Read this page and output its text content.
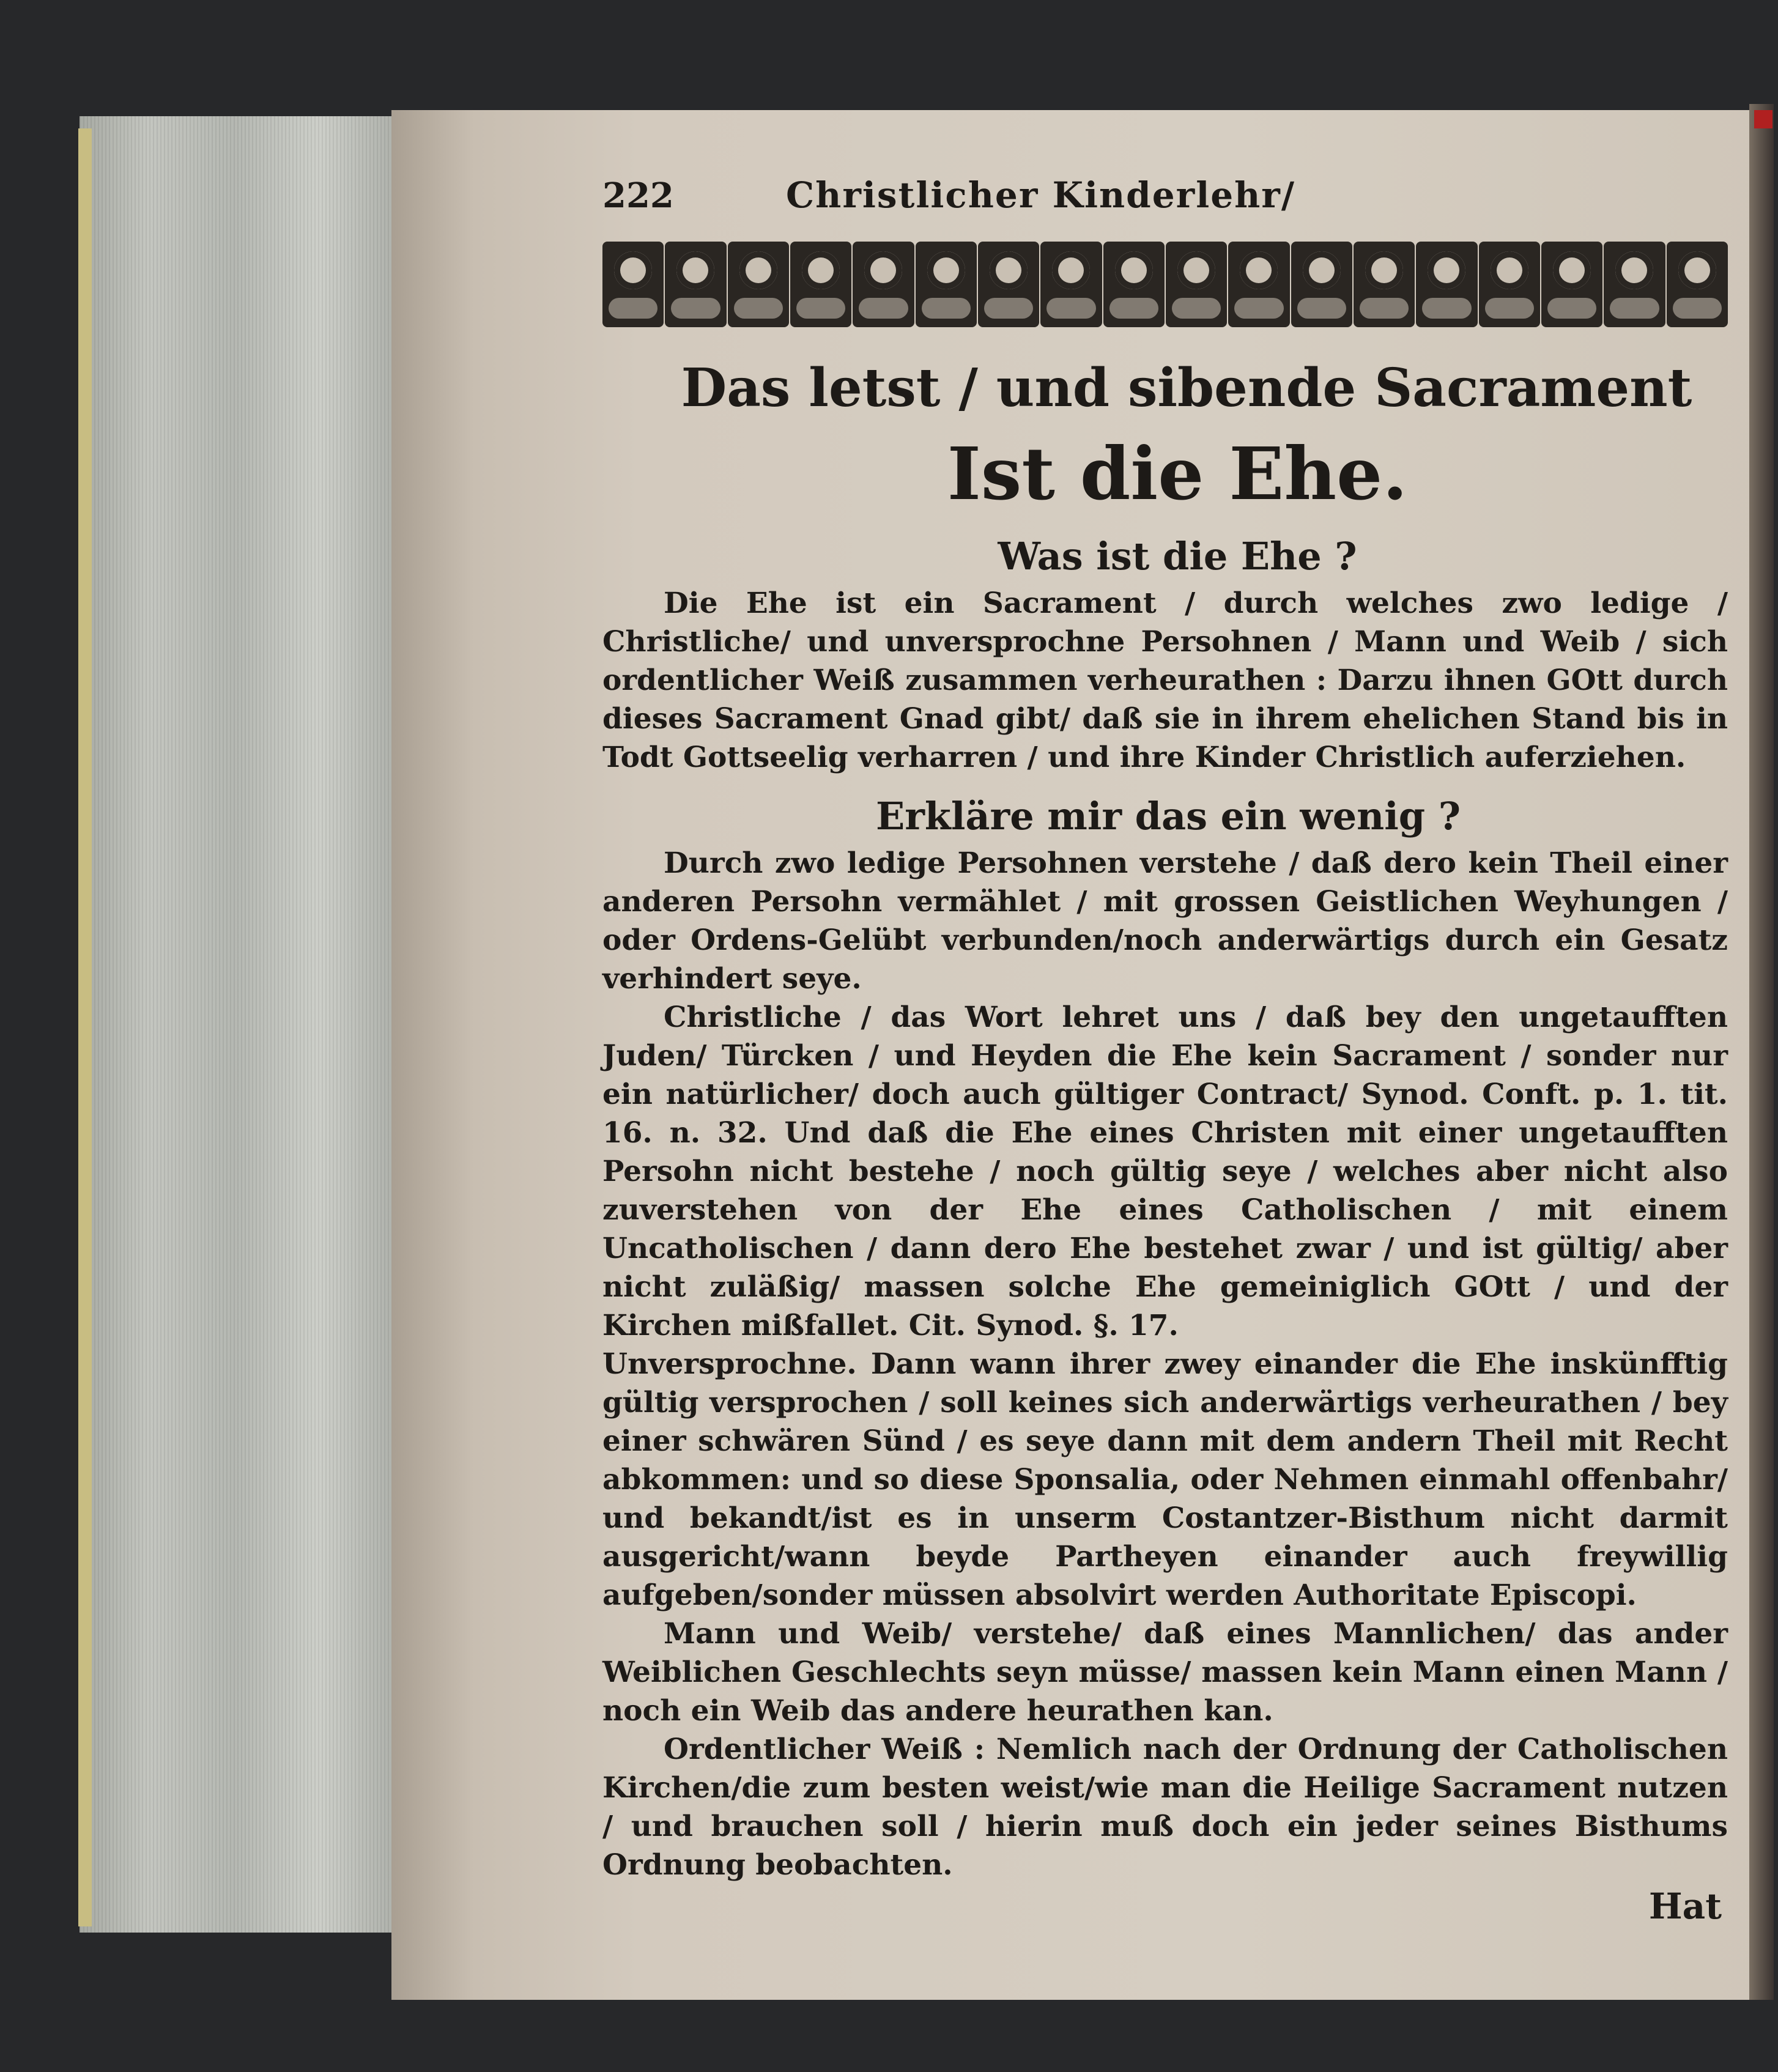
222	Christlicher Kinderlehr/
Das letst / und sibende Sacrament
Ist die Ehe.
Was ist die Ehe ?

Die Ehe ist ein Sacrament / durch welches zwo ledige / Christliche/ und unversprochne Persohnen / Mann und Weib / sich ordentlicher Weiß zusammen verheurathen : Darzu ihnen GOtt durch dieses Sacrament Gnad gibt/ daß sie in ihrem ehelichen Stand bis in Todt Gottseelig verharren / und ihre Kinder Christlich auferziehen.

Erkläre mir das ein wenig ?

Durch zwo ledige Persohnen verstehe / daß dero kein Theil einer anderen Persohn vermählet / mit grossen Geistlichen Weyhungen / oder Ordens-Gelübt verbunden/noch anderwärtigs durch ein Gesatz verhindert seye.

Christliche / das Wort lehret uns / daß bey den ungetaufften Juden/ Türcken / und Heyden die Ehe kein Sacrament / sonder nur ein natürlicher/ doch auch gültiger Contract/ Synod. Conft. p. 1. tit. 16. n. 32. Und daß die Ehe eines Christen mit einer ungetaufften Persohn nicht bestehe / noch gültig seye / welches aber nicht also zuverstehen von der Ehe eines Catholischen / mit einem Uncatholischen / dann dero Ehe bestehet zwar / und ist gültig/ aber nicht zuläßig/ massen solche Ehe gemeiniglich GOtt / und der Kirchen mißfallet. Cit. Synod. §. 17.

Unversprochne. Dann wann ihrer zwey einander die Ehe inskünfftig gültig versprochen / soll keines sich anderwärtigs verheurathen / bey einer schwären Sünd / es seye dann mit dem andern Theil mit Recht abkommen: und so diese Sponsalia, oder Nehmen einmahl offenbahr/ und bekandt/ist es in unserm Costantzer-Bisthum nicht darmit ausgericht/wann beyde Partheyen einander auch freywillig aufgeben/sonder müssen absolvirt werden Authoritate Episcopi.

Mann und Weib/ verstehe/ daß eines Mannlichen/ das ander Weiblichen Geschlechts seyn müsse/ massen kein Mann einen Mann / noch ein Weib das andere heurathen kan.

Ordentlicher Weiß : Nemlich nach der Ordnung der Catholischen Kirchen/die zum besten weist/wie man die Heilige Sacrament nutzen / und brauchen soll / hierin muß doch ein jeder seines Bisthums Ordnung beobachten.

Hat
